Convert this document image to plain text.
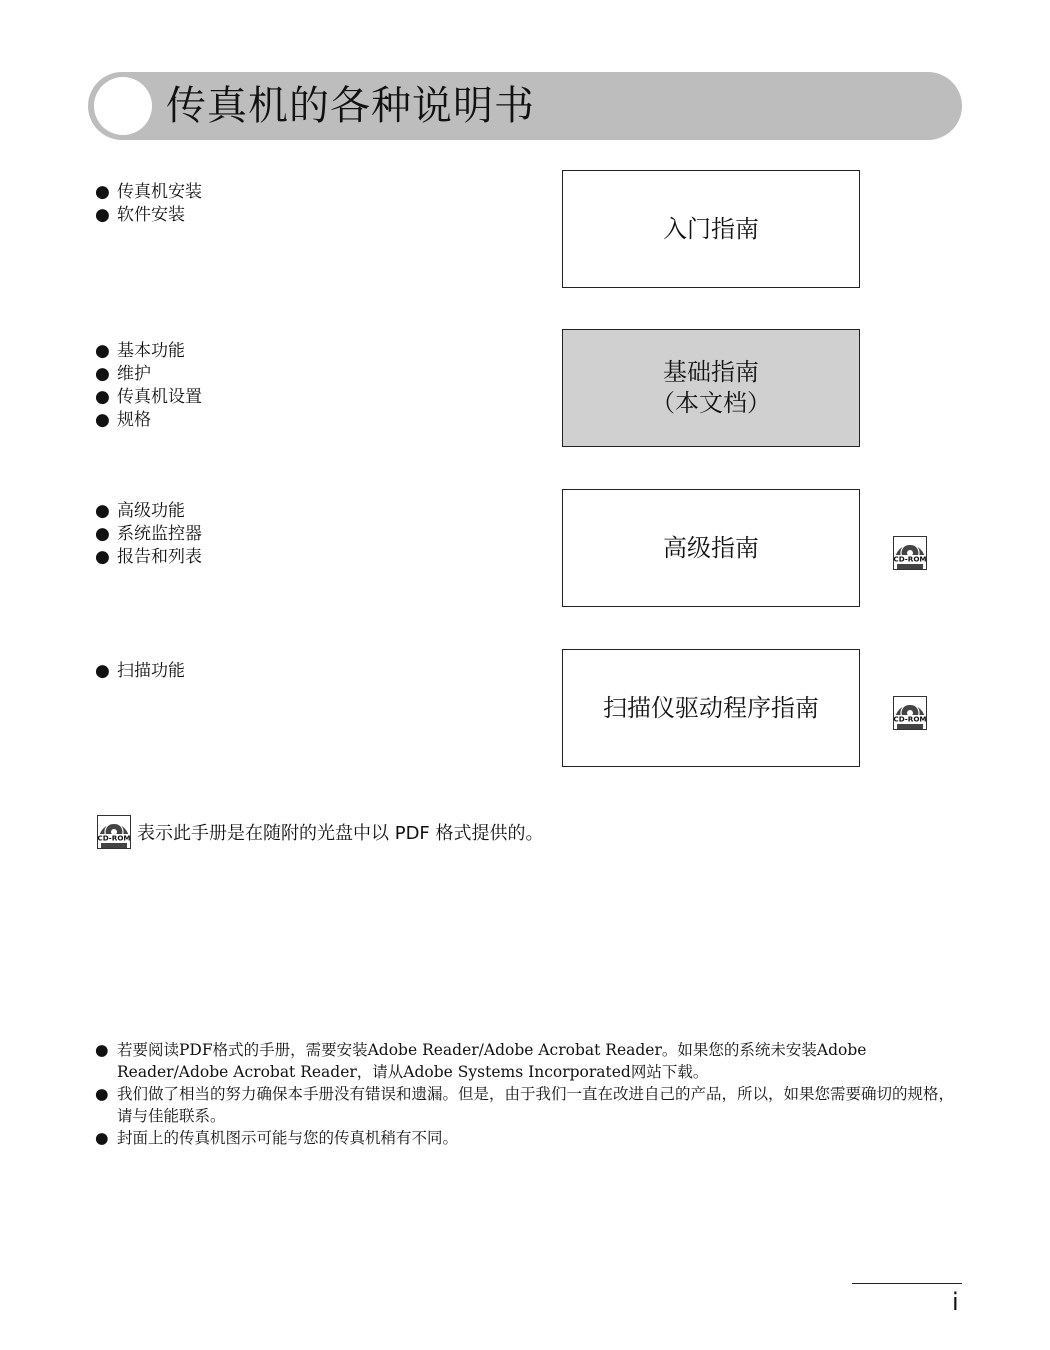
传真机的各种说明书
● 传真机安装
● 软件安装	入门指南
● 基本功能
● 维护
● 传真机设置
● 规格
基础指南
（本文档）
● 高级功能
● 系统监控器
● 报告和列表	高级指南	CD-ROM
● 扫描功能
扫描仪驱动程序指南	CD-ROM
CD-ROM 表示此手册是在随附的光盘中以 PDF 格式提供的。
● 若要阅读PDF格式的手册，需要安装Adobe Reader/Adobe Acrobat Reader。如果您的系统未安装Adobe Reader/Adobe Acrobat Reader，请从Adobe Systems Incorporated网站下载。
● 我们做了相当的努力确保本手册没有错误和遗漏。但是，由于我们一直在改进自己的产品，所以，如果您需要确切的规格，请与佳能联系。
● 封面上的传真机图示可能与您的传真机稍有不同。
i
